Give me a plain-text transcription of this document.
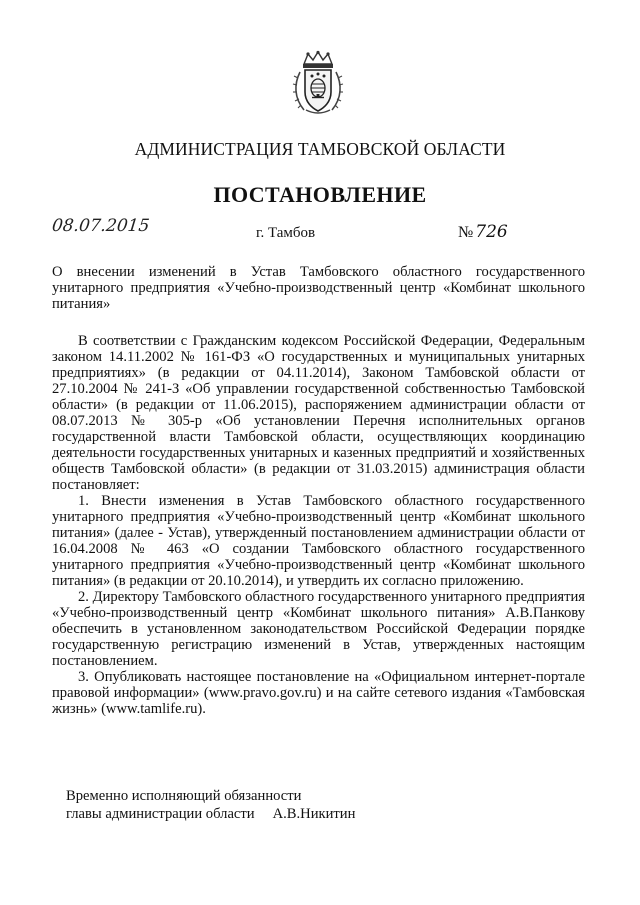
АДМИНИСТРАЦИЯ ТАМБОВСКОЙ ОБЛАСТИ
ПОСТАНОВЛЕНИЕ
08.07.2015	г. Тамбов	№ 726
О внесении изменений в Устав Тамбовского областного государственного унитарного предприятия «Учебно-производственный центр «Комбинат школьного питания»

В соответствии с Гражданским кодексом Российской Федерации, Федеральным законом 14.11.2002 № 161-ФЗ «О государственных и муниципальных унитарных предприятиях» (в редакции от 04.11.2014), Законом Тамбовской области от 27.10.2004 № 241-З «Об управлении государственной собственностью Тамбовской области» (в редакции от 11.06.2015), распоряжением администрации области от 08.07.2013 № 305-р «Об установлении Перечня исполнительных органов государственной власти Тамбовской области, осуществляющих координацию деятельности государственных унитарных и казенных предприятий и хозяйственных обществ Тамбовской области» (в редакции от 31.03.2015) администрация области постановляет:

1. Внести изменения в Устав Тамбовского областного государственного унитарного предприятия «Учебно-производственный центр «Комбинат школьного питания» (далее - Устав), утвержденный постановлением администрации области от 16.04.2008 № 463 «О создании Тамбовского областного государственного унитарного предприятия «Учебно-производственный центр «Комбинат школьного питания» (в редакции от 20.10.2014), и утвердить их согласно приложению.

2. Директору Тамбовского областного государственного унитарного предприятия «Учебно-производственный центр «Комбинат школьного питания» А.В.Панкову обеспечить в установленном законодательством Российской Федерации порядке государственную регистрацию изменений в Устав, утвержденных настоящим постановлением.

3. Опубликовать настоящее постановление на «Официальном интернет-портале правовой информации» (www.pravo.gov.ru) и на сайте сетевого издания «Тамбовская жизнь» (www.tamlife.ru).

Временно исполняющий обязанности
главы администрации области А.В.Никитин
